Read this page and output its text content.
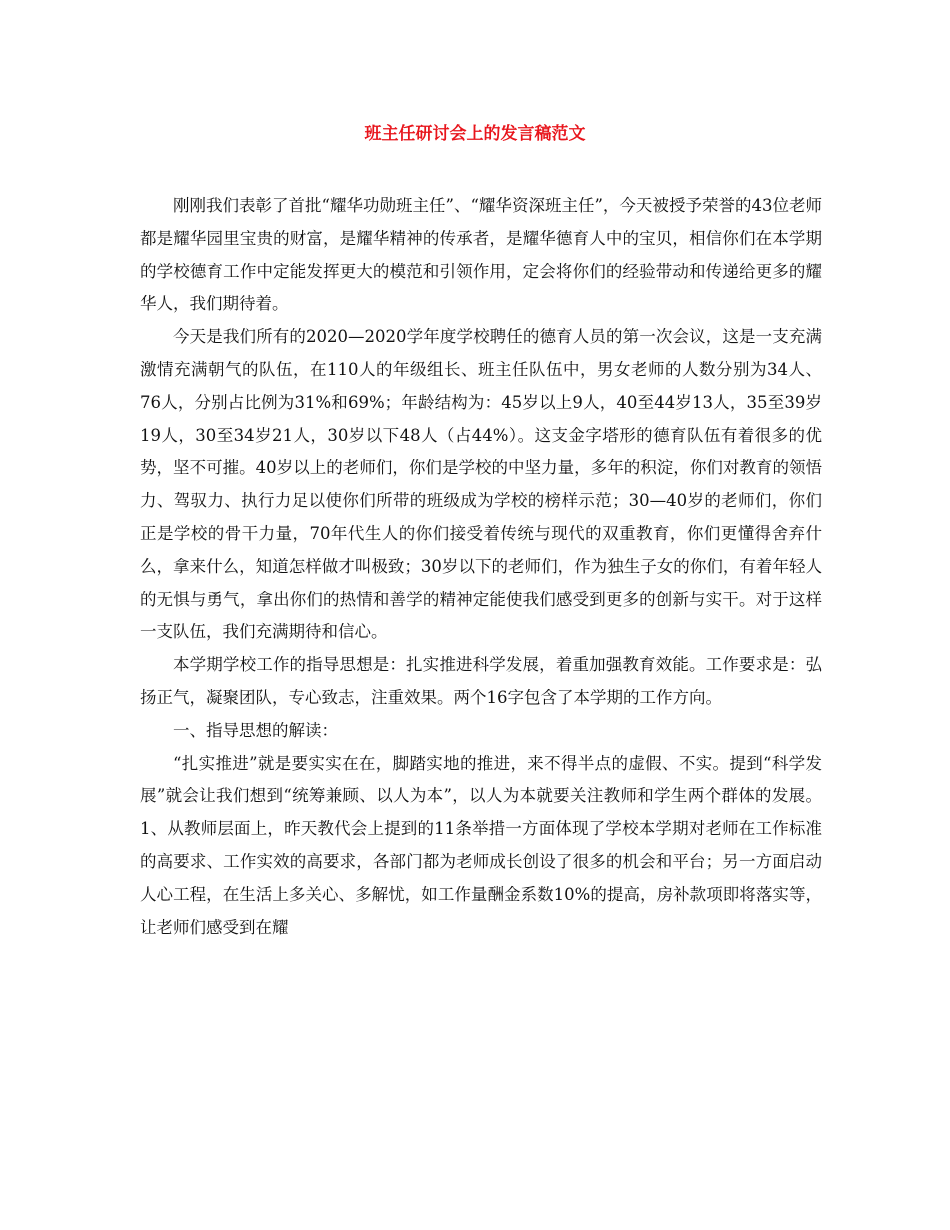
班主任研讨会上的发言稿范文

刚刚我们表彰了首批“耀华功勋班主任”、“耀华资深班主任”，今天被授予荣誉的43位老师都是耀华园里宝贵的财富，是耀华精神的传承者，是耀华德育人中的宝贝，相信你们在本学期的学校德育工作中定能发挥更大的模范和引领作用，定会将你们的经验带动和传递给更多的耀华人，我们期待着。

今天是我们所有的2020—2020学年度学校聘任的德育人员的第一次会议，这是一支充满激情充满朝气的队伍，在110人的年级组长、班主任队伍中，男女老师的人数分别为34人、76人，分别占比例为31%和69%；年龄结构为：45岁以上9人，40至44岁13人，35至39岁19人，30至34岁21人，30岁以下48人（占44%）。这支金字塔形的德育队伍有着很多的优势，坚不可摧。40岁以上的老师们，你们是学校的中坚力量，多年的积淀，你们对教育的领悟力、驾驭力、执行力足以使你们所带的班级成为学校的榜样示范；30—40岁的老师们，你们正是学校的骨干力量，70年代生人的你们接受着传统与现代的双重教育，你们更懂得舍弃什么，拿来什么，知道怎样做才叫极致；30岁以下的老师们，作为独生子女的你们，有着年轻人的无惧与勇气，拿出你们的热情和善学的精神定能使我们感受到更多的创新与实干。对于这样一支队伍，我们充满期待和信心。

本学期学校工作的指导思想是：扎实推进科学发展，着重加强教育效能。工作要求是：弘扬正气，凝聚团队，专心致志，注重效果。两个16字包含了本学期的工作方向。

一、指导思想的解读：

“扎实推进”就是要实实在在，脚踏实地的推进，来不得半点的虚假、不实。提到“科学发展”就会让我们想到“统筹兼顾、以人为本”，以人为本就要关注教师和学生两个群体的发展。1、从教师层面上，昨天教代会上提到的11条举措一方面体现了学校本学期对老师在工作标准的高要求、工作实效的高要求，各部门都为老师成长创设了很多的机会和平台；另一方面启动人心工程，在生活上多关心、多解忧，如工作量酬金系数10%的提高，房补款项即将落实等，让老师们感受到在耀
